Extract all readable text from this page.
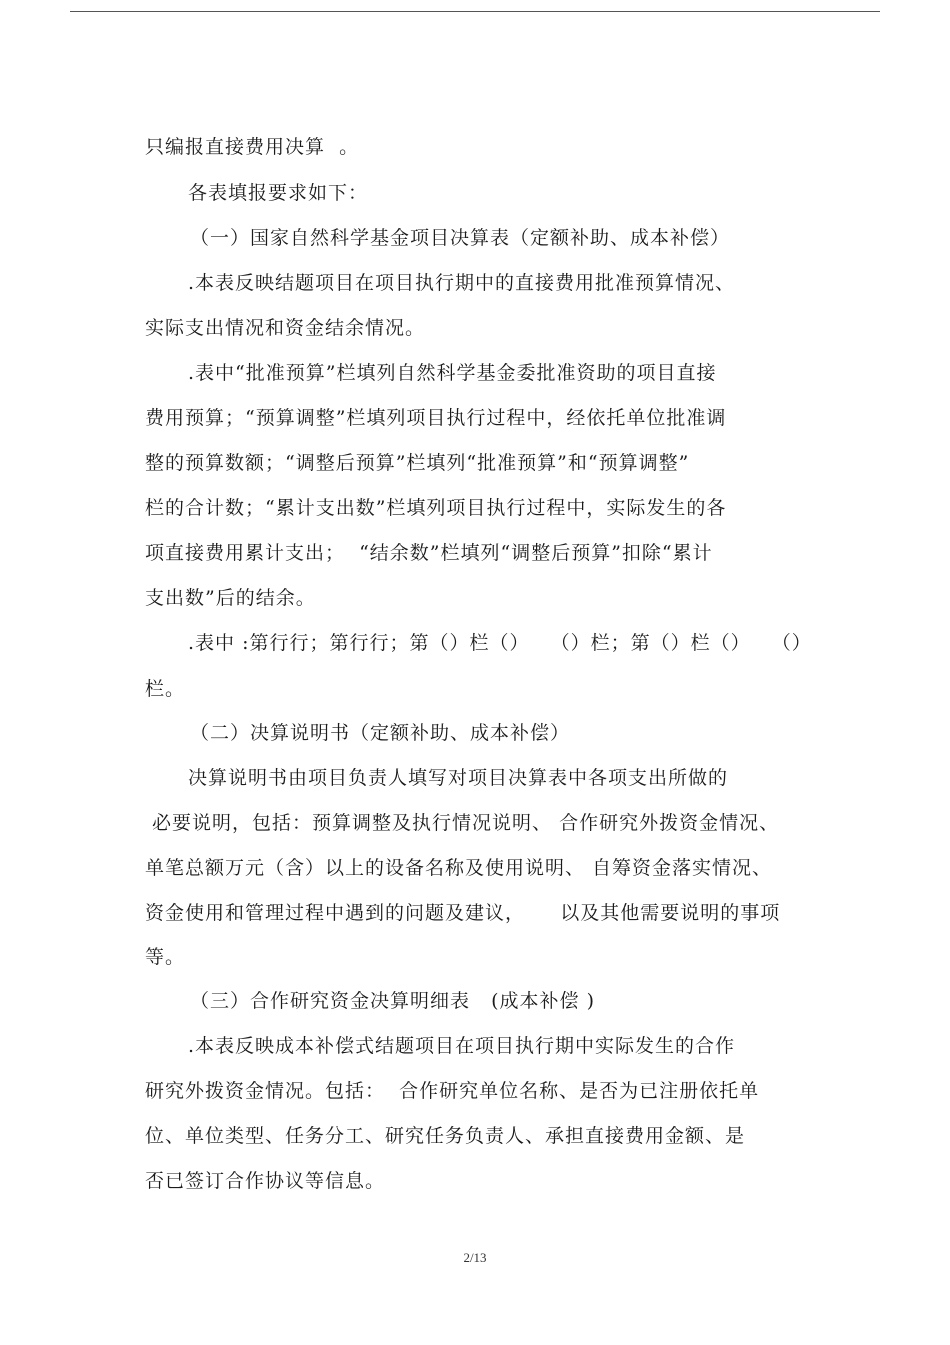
只编报直接费用决算  。
各表填报要求如下：
（一）国家自然科学基金项目决算表（定额补助、成本补偿）
.本表反映结题项目在项目执行期中的直接费用批准预算情况、
实际支出情况和资金结余情况。
.表中“批准预算”栏填列自然科学基金委批准资助的项目直接
费用预算；“预算调整”栏填列项目执行过程中，经依托单位批准调
整的预算数额；“调整后预算”栏填列“批准预算”和“预算调整”
栏的合计数；“累计支出数”栏填列项目执行过程中，实际发生的各
项直接费用累计支出；  “结余数”栏填列“调整后预算”扣除“累计
支出数”后的结余。
.表中 :第行行；第行行；第（）栏（）   （）栏；第（）栏（）   （）
栏。
（二）决算说明书（定额补助、成本补偿）
决算说明书由项目负责人填写对项目决算表中各项支出所做的
必要说明，包括：预算调整及执行情况说明、 合作研究外拨资金情况、
单笔总额万元（含）以上的设备名称及使用说明、 自筹资金落实情况、
资金使用和管理过程中遇到的问题及建议，     以及其他需要说明的事项
等。
（三）合作研究资金决算明细表   (成本补偿 )
.本表反映成本补偿式结题项目在项目执行期中实际发生的合作
研究外拨资金情况。包括：  合作研究单位名称、是否为已注册依托单
位、单位类型、任务分工、研究任务负责人、承担直接费用金额、是
否已签订合作协议等信息。
2/13
